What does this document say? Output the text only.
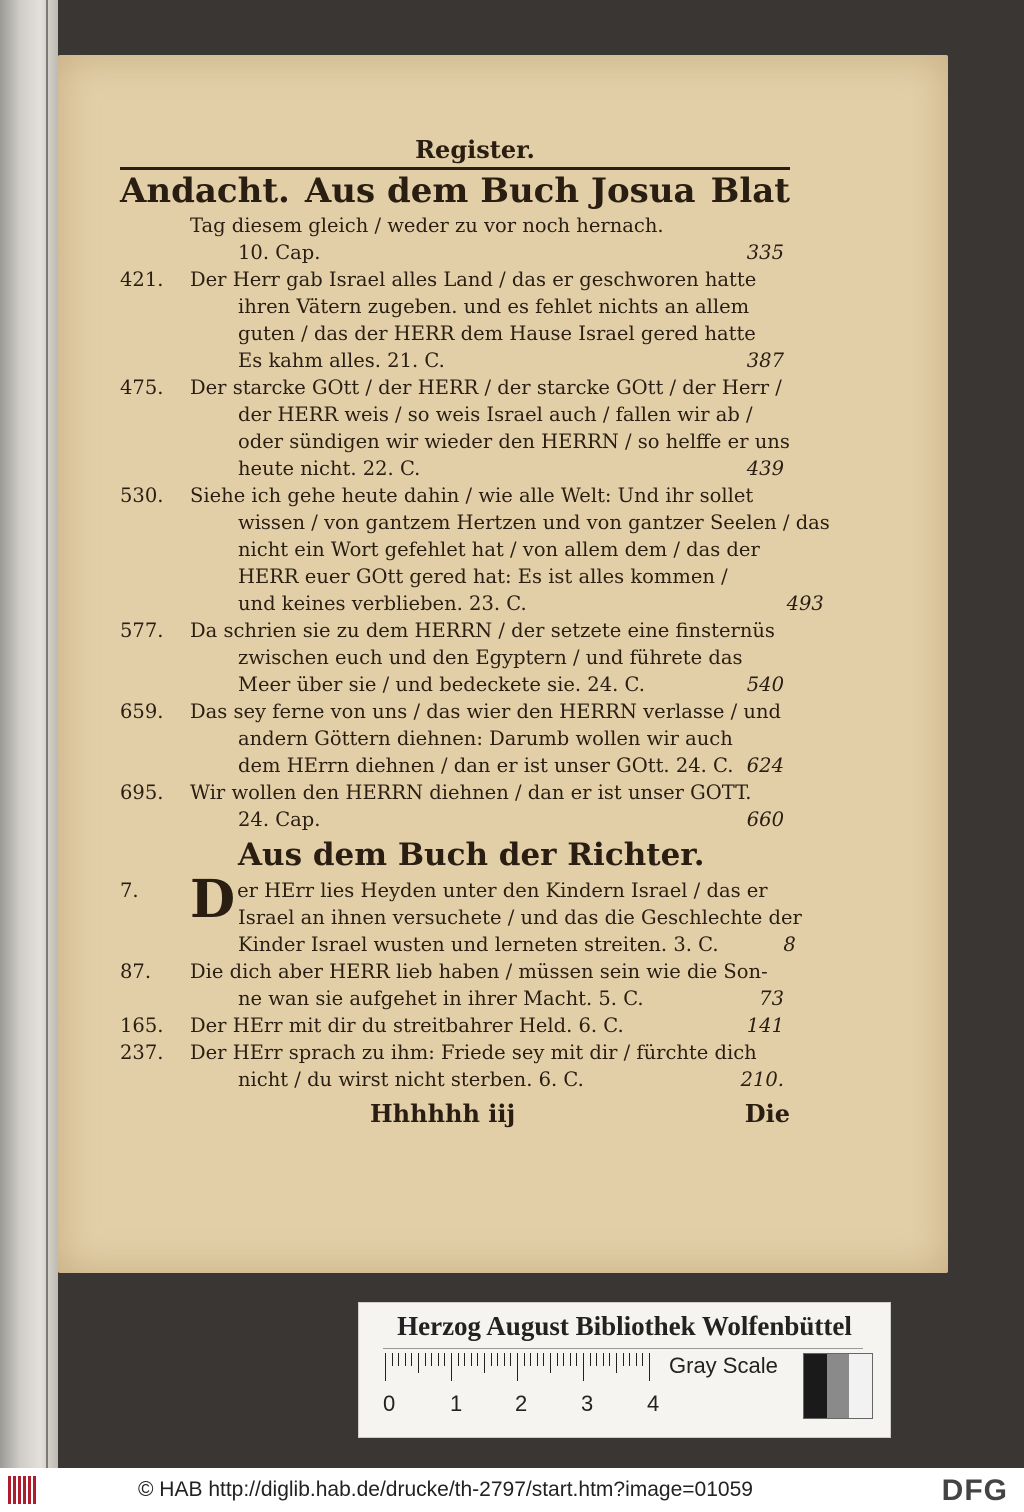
Register.
Andacht. Aus dem Buch Josua Blat
Tag diesem gleich / weder zu vor noch hernach.
10. Cap.	335
421.	Der Herr gab Israel alles Land / das er geschworen hatte
ihren Vätern zugeben. und es fehlet nichts an allem
guten / das der HERR dem Hause Israel gered hatte
Es kahm alles. 21. C.	387
475.	Der starcke GOtt / der HERR / der starcke GOtt / der Herr /
der HERR weis / so weis Israel auch / fallen wir ab /
oder sündigen wir wieder den HERRN / so helffe er uns
heute nicht. 22. C.	439
530.	Siehe ich gehe heute dahin / wie alle Welt: Und ihr sollet
wissen / von gantzem Hertzen und von gantzer Seelen / das
nicht ein Wort gefehlet hat / von allem dem / das der
HERR euer GOtt gered hat: Es ist alles kommen /
und keines verblieben. 23. C.	493
577.	Da schrien sie zu dem HERRN / der setzete eine finsternüs
zwischen euch und den Egyptern / und führete das
Meer über sie / und bedeckete sie. 24. C.	540
659.	Das sey ferne von uns / das wier den HERRN verlasse / und
andern Göttern diehnen: Darumb wollen wir auch
dem HErrn diehnen / dan er ist unser GOtt. 24. C. 624
695.	Wir wollen den HERRN diehnen / dan er ist unser GOTT.
24. Cap.	660
Aus dem Buch der Richter.
7. Der HErr lies Heyden unter den Kindern Israel / das er
Israel an ihnen versuchete / und das die Geschlechte der
Kinder Israel wusten und lerneten streiten. 3. C.	8
87.	Die dich aber HERR lieb haben / müssen sein wie die Son-
ne wan sie aufgehet in ihrer Macht. 5. C.	73
165.	Der HErr mit dir du streitbahrer Held. 6. C.	141
237.	Der HErr sprach zu ihm: Friede sey mit dir / fürchte dich
nicht / du wirst nicht sterben. 6. C.	210.
Hhhhhh iij	Die
Herzog August Bibliothek Wolfenbüttel
0 1 2 3 4
Gray Scale
© HAB http://diglib.hab.de/drucke/th-2797/start.htm?image=01059	DFG
